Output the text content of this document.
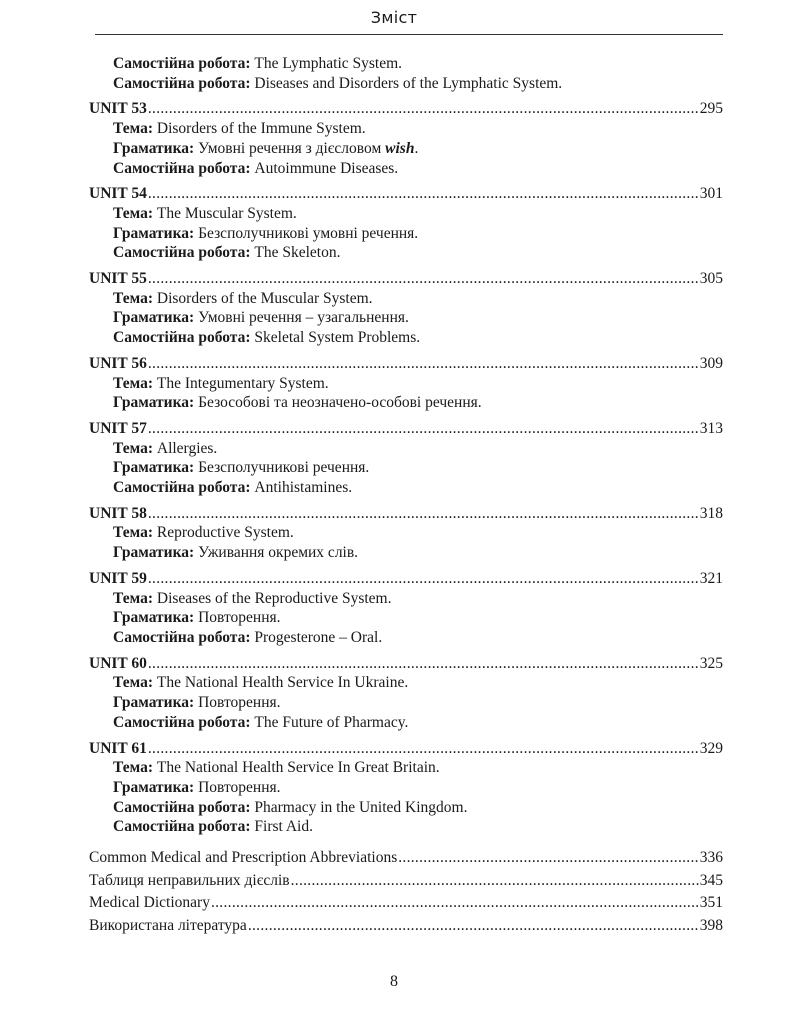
Зміст
Самостійна робота: The Lymphatic System.
Самостійна робота: Diseases and Disorders of the Lymphatic System.
UNIT 53 .....	295
Тема: Disorders of the Immune System.
Граматика: Умовні речення з дієсловом wish.
Самостійна робота: Autoimmune Diseases.
UNIT 54 .....	301
Тема: The Muscular System.
Граматика: Безсполучникові умовні речення.
Самостійна робота: The Skeleton.
UNIT 55 .....	305
Тема: Disorders of the Muscular System.
Граматика: Умовні речення – узагальнення.
Самостійна робота: Skeletal System Problems.
UNIT 56 .....	309
Тема: The Integumentary System.
Граматика: Безособові та неозначено-особові речення.
UNIT 57 .....	313
Тема: Allergies.
Граматика: Безсполучникові речення.
Самостійна робота: Antihistamines.
UNIT 58 .....	318
Тема: Reproductive System.
Граматика: Уживання окремих слів.
UNIT 59 .....	321
Тема: Diseases of the Reproductive System.
Граматика: Повторення.
Самостійна робота: Progesterone – Oral.
UNIT 60 .....	325
Тема: The National Health Service In Ukraine.
Граматика: Повторення.
Самостійна робота: The Future of Pharmacy.
UNIT 61 .....	329
Тема: The National Health Service In Great Britain.
Граматика: Повторення.
Самостійна робота: Pharmacy in the United Kingdom.
Самостійна робота: First Aid.
Common Medical and Prescription Abbreviations .....	336
Таблиця неправильних дієслів .....	345
Medical Dictionary .....	351
Використана література .....	398
8
